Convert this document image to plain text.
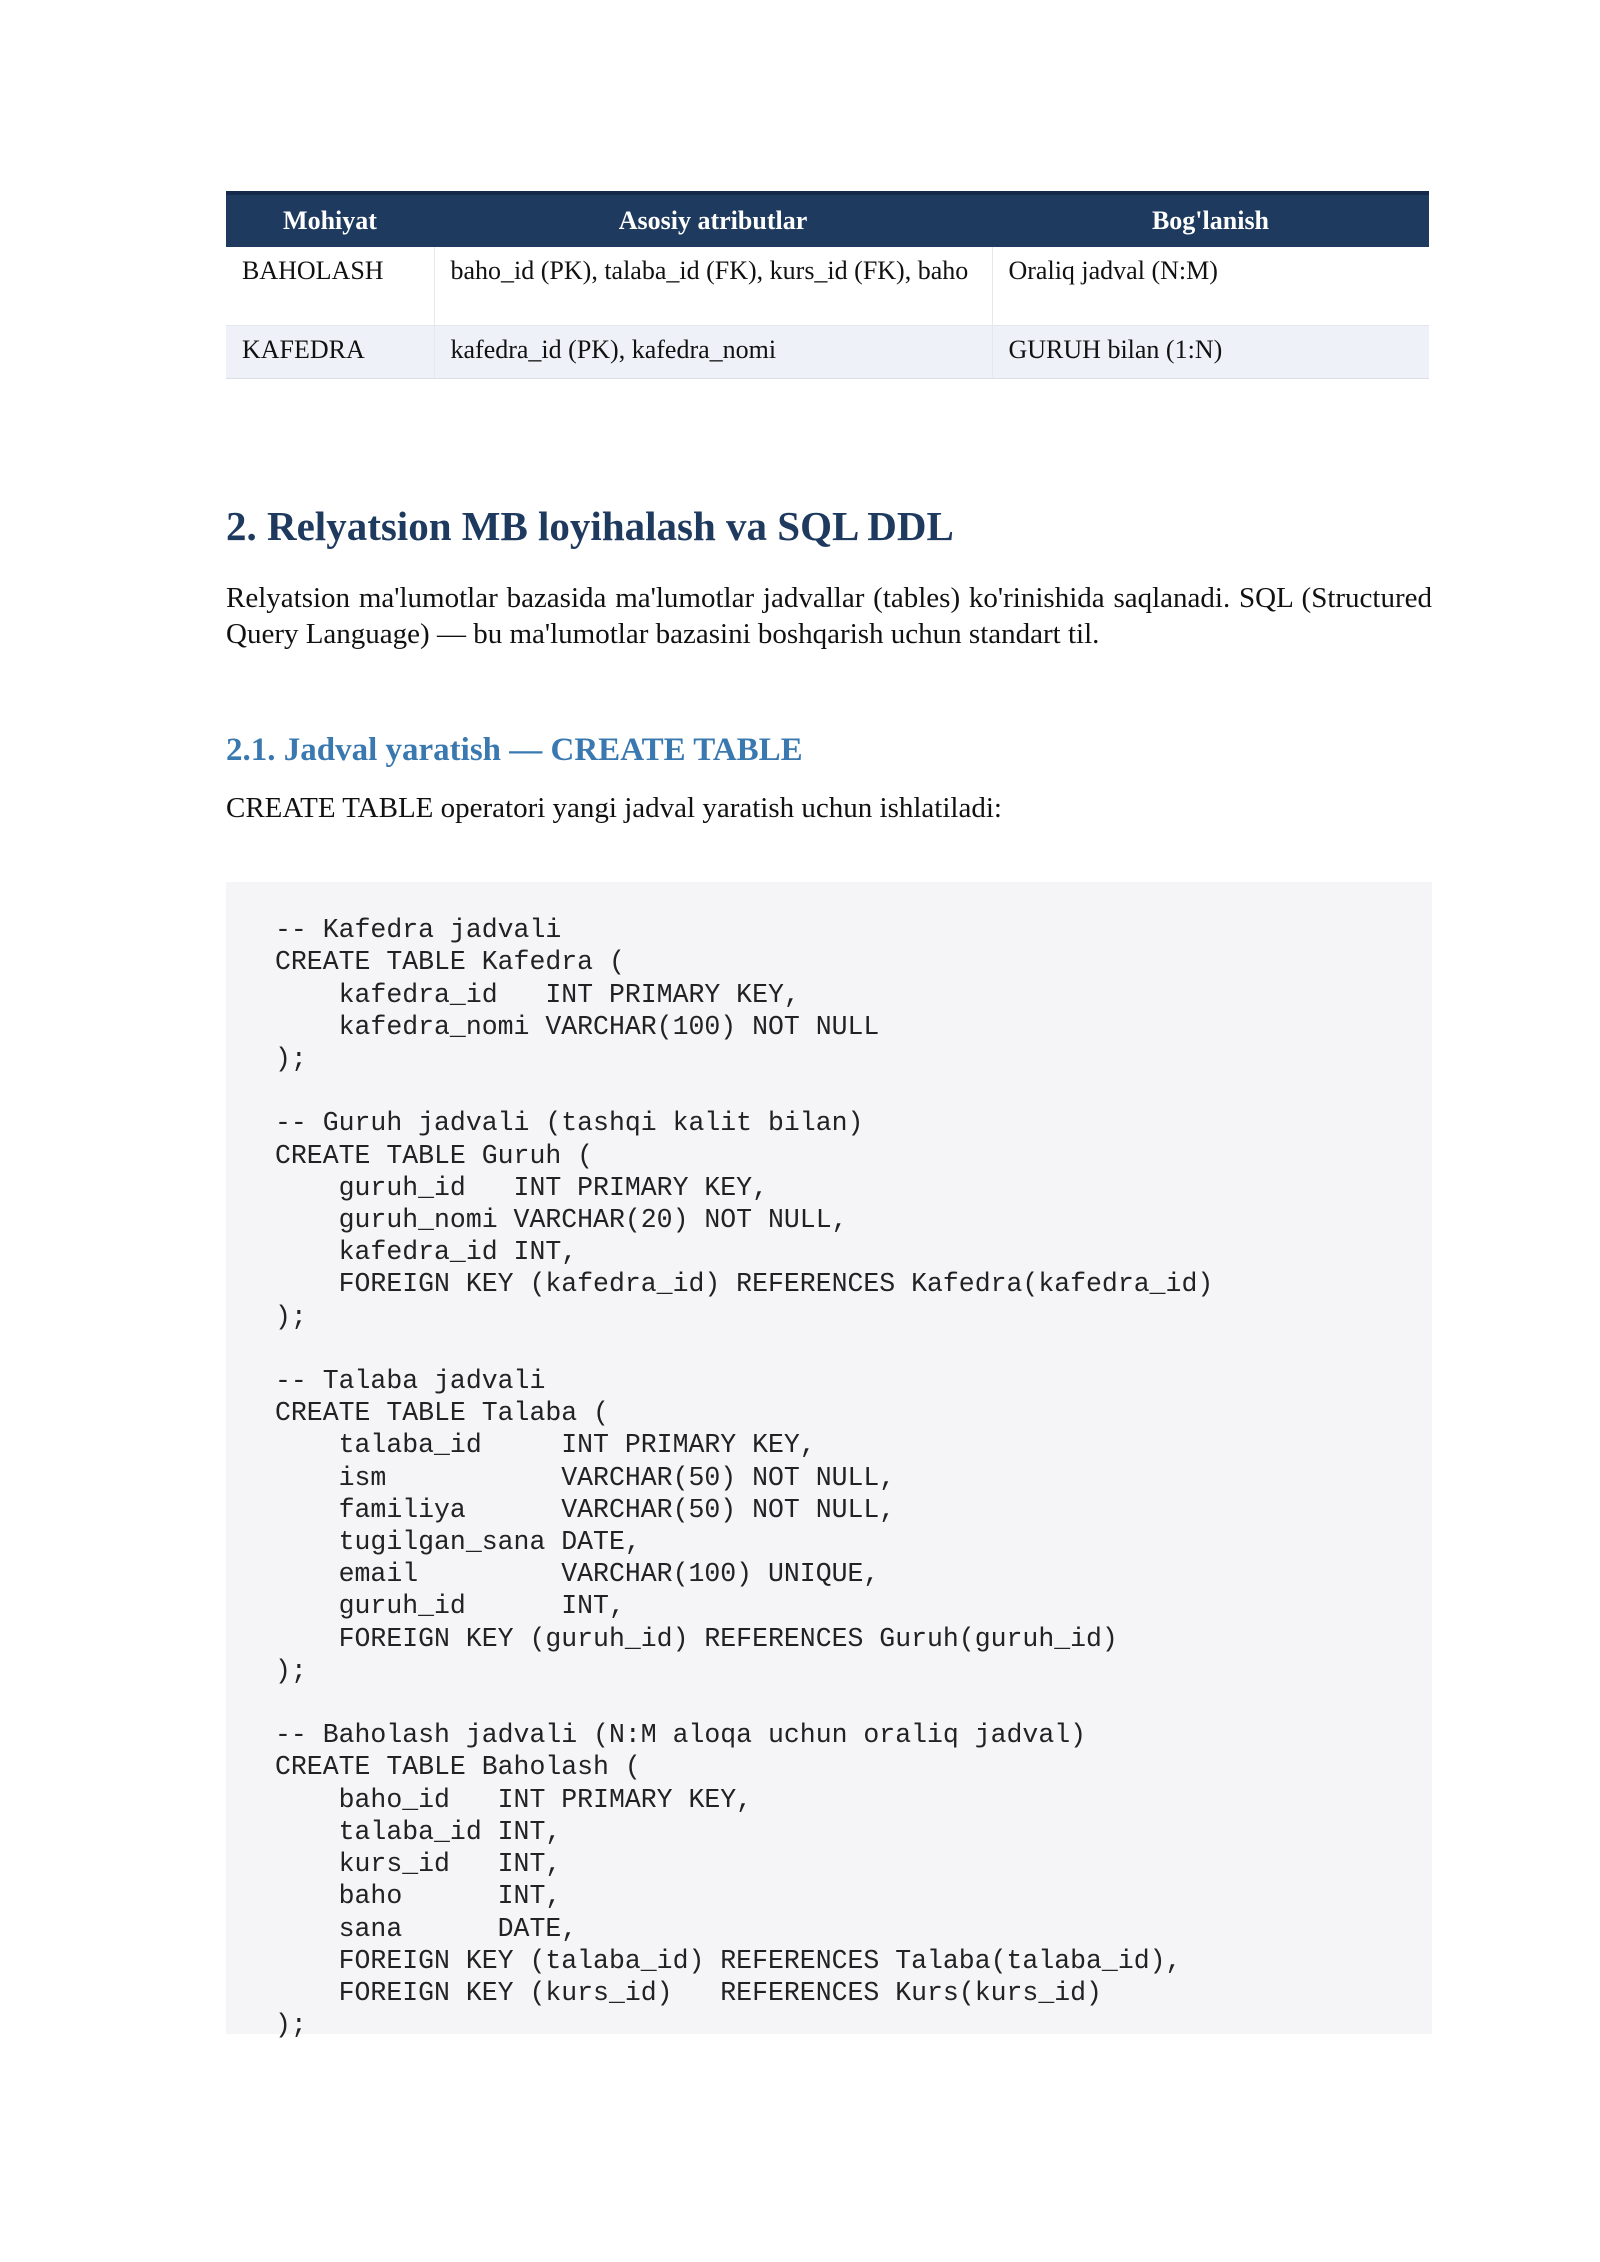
Mohiyat	Asosiy atributlar	Bog'lanish
BAHOLASH	baho_id (PK), talaba_id (FK), kurs_id (FK), baho	Oraliq jadval (N:M)
KAFEDRA	kafedra_id (PK), kafedra_nomi	GURUH bilan (1:N)
2. Relyatsion MB loyihalash va SQL DDL

Relyatsion ma'lumotlar bazasida ma'lumotlar jadvallar (tables) ko'rinishida saqlanadi. SQL (Structured Query Language) — bu ma'lumotlar bazasini boshqarish uchun standart til.

2.1. Jadval yaratish — CREATE TABLE

CREATE TABLE operatori yangi jadval yaratish uchun ishlatiladi:

-- Kafedra jadvali
CREATE TABLE Kafedra (
kafedra_id   INT PRIMARY KEY,
kafedra_nomi VARCHAR(100) NOT NULL
);

-- Guruh jadvali (tashqi kalit bilan)
CREATE TABLE Guruh (
guruh_id   INT PRIMARY KEY,
guruh_nomi VARCHAR(20) NOT NULL,
kafedra_id INT,
FOREIGN KEY (kafedra_id) REFERENCES Kafedra(kafedra_id)
);

-- Talaba jadvali
CREATE TABLE Talaba (
talaba_id     INT PRIMARY KEY,
ism           VARCHAR(50) NOT NULL,
familiya      VARCHAR(50) NOT NULL,
tugilgan_sana DATE,
email         VARCHAR(100) UNIQUE,
guruh_id      INT,
FOREIGN KEY (guruh_id) REFERENCES Guruh(guruh_id)
);

-- Baholash jadvali (N:M aloqa uchun oraliq jadval)
CREATE TABLE Baholash (
baho_id   INT PRIMARY KEY,
talaba_id INT,
kurs_id   INT,
baho      INT,
sana      DATE,
FOREIGN KEY (talaba_id) REFERENCES Talaba(talaba_id),
FOREIGN KEY (kurs_id)   REFERENCES Kurs(kurs_id)
);
